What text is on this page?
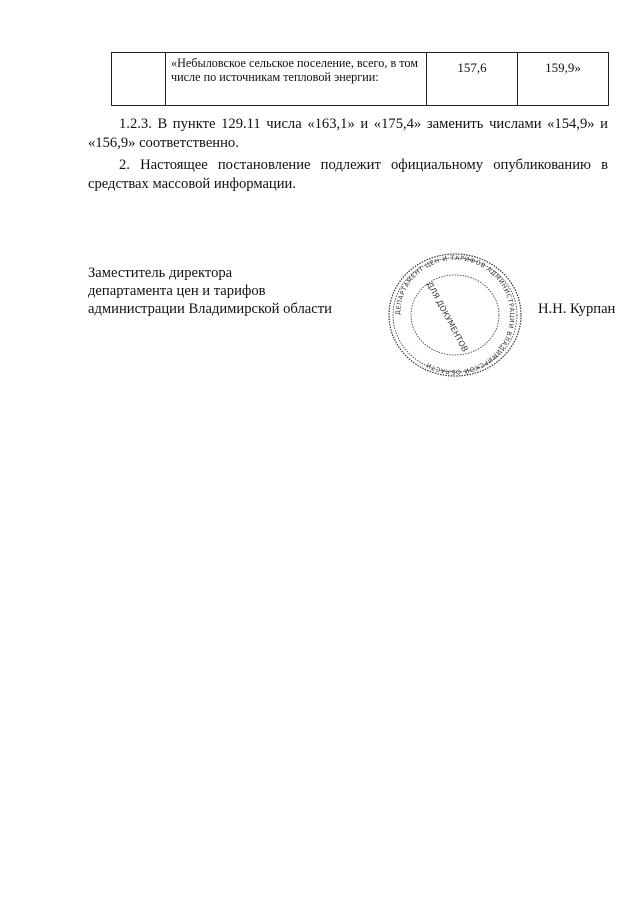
	«Небыловское сельское поселение, всего, в том числе по источникам тепловой энергии:	157,6	159,9»

1.2.3. В пункте 129.11 числа «163,1» и «175,4» заменить числами «154,9» и «156,9» соответственно.

2. Настоящее постановление подлежит официальному опубликованию в средствах массовой информации.

Заместитель директора
департамента цен и тарифов
администрации Владимирской области	Н.Н. Курпан
ДЕПАРТАМЕНТ ЦЕН И ТАРИФОВ АДМИНИСТРАЦИИ ВЛАДИМИРСКОЙ ОБЛАСТИ
ДЛЯ ДОКУМЕНТОВ
